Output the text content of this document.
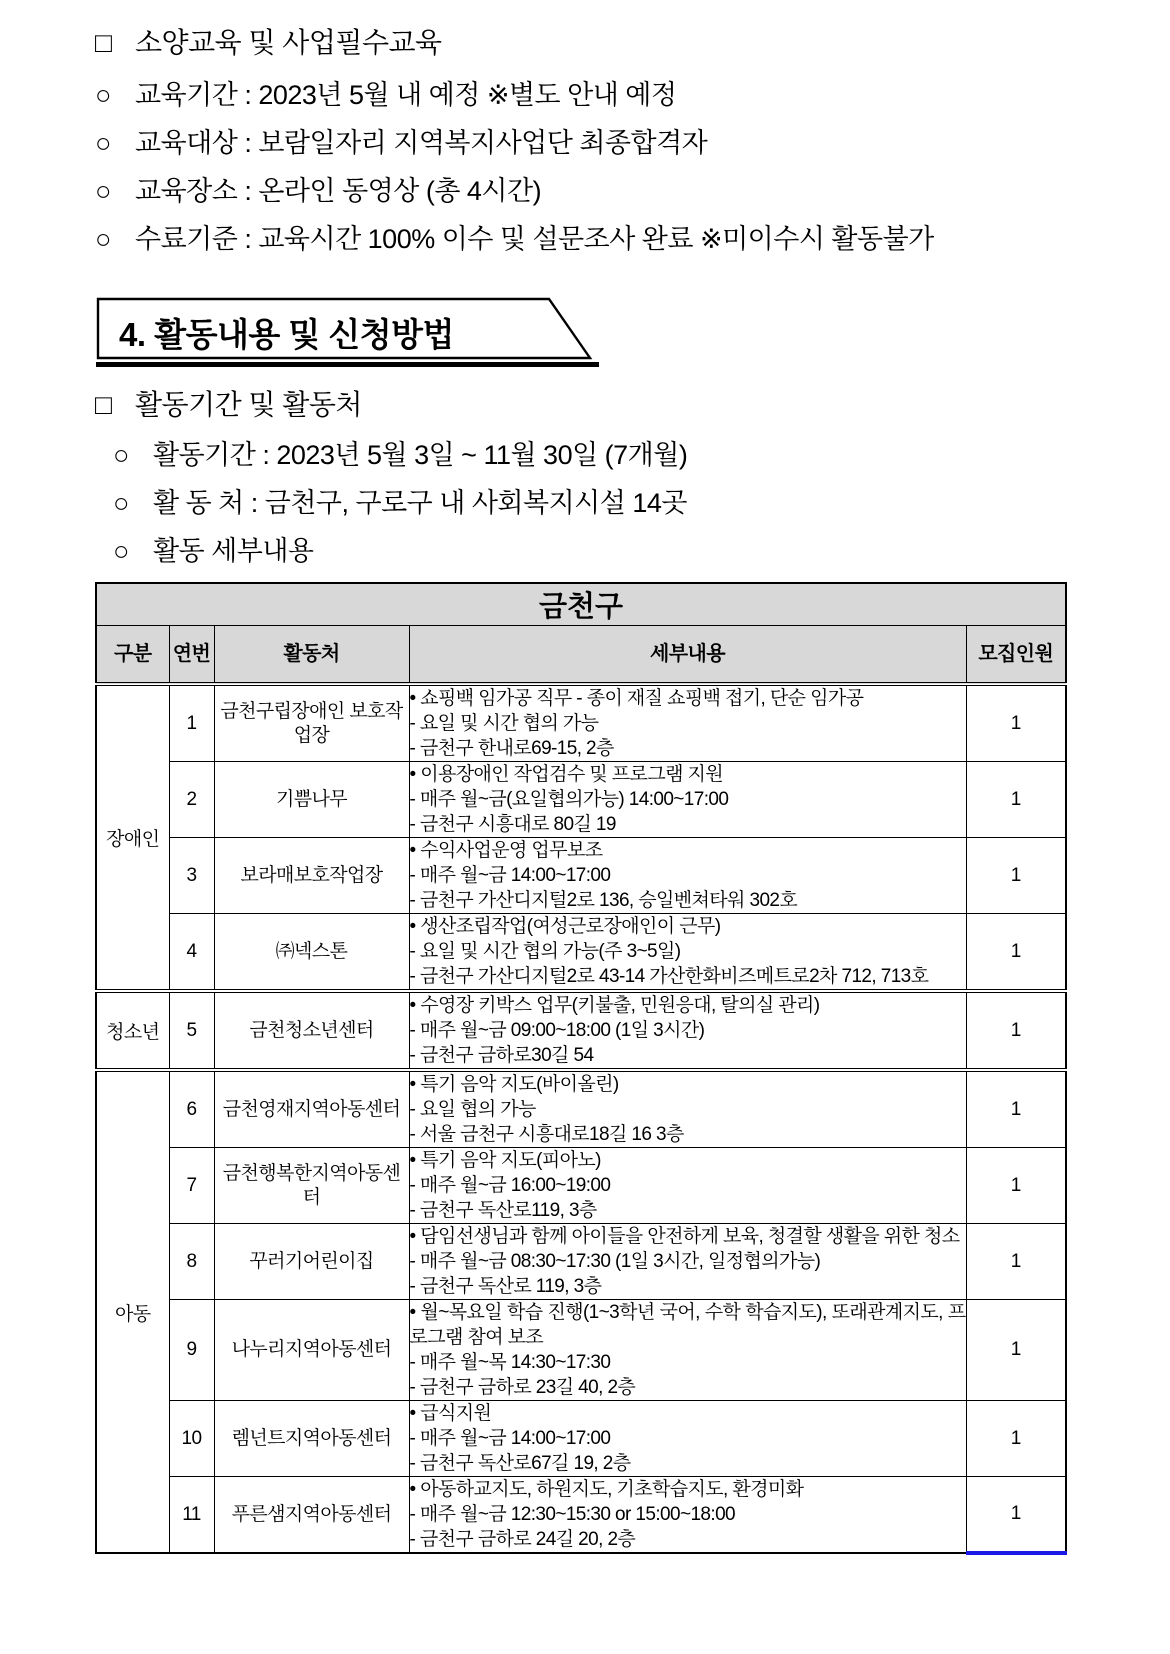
□ 소양교육 및 사업필수교육
○ 교육기간 : 2023년 5월 내 예정 ※별도 안내 예정
○ 교육대상 : 보람일자리 지역복지사업단 최종합격자
○ 교육장소 : 온라인 동영상 (총 4시간)
○ 수료기준 : 교육시간 100% 이수 및 설문조사 완료 ※미이수시 활동불가
4. 활동내용 및 신청방법
□ 활동기간 및 활동처
○ 활동기간 : 2023년 5월 3일 ~ 11월 30일 (7개월)
○ 활 동 처 : 금천구, 구로구 내 사회복지시설 14곳
○ 활동 세부내용
금천구				
구분	연번	활동처	세부내용	모집인원
장애인	1	금천구립장애인 보호작업장	• 쇼핑백 임가공 직무 - 종이 재질 쇼핑백 접기, 단순 임가공
- 요일 및 시간 협의 가능
- 금천구 한내로69-15, 2층	1
	2	기쁨나무	• 이용장애인 작업검수 및 프로그램 지원
- 매주 월~금(요일협의가능) 14:00~17:00
- 금천구 시흥대로 80길 19	1
	3	보라매보호작업장	• 수익사업운영 업무보조
- 매주 월~금 14:00~17:00
- 금천구 가산디지털2로 136, 승일벤쳐타워 302호	1
	4	㈜넥스톤	• 생산조립작업(여성근로장애인이 근무)
- 요일 및 시간 협의 가능(주 3~5일)
- 금천구 가산디지털2로 43-14 가산한화비즈메트로2차 712, 713호	1
청소년	5	금천청소년센터	• 수영장 키박스 업무(키불출, 민원응대, 탈의실 관리)
- 매주 월~금 09:00~18:00 (1일 3시간)
- 금천구 금하로30길 54	1
아동	6	금천영재지역아동센터	• 특기 음악 지도(바이올린)
- 요일 협의 가능
- 서울 금천구 시흥대로18길 16 3층	1
	7	금천행복한지역아동센터	• 특기 음악 지도(피아노)
- 매주 월~금 16:00~19:00
- 금천구 독산로119, 3층	1
	8	꾸러기어린이집	• 담임선생님과 함께 아이들을 안전하게 보육, 청결할 생활을 위한 청소
- 매주 월~금 08:30~17:30 (1일 3시간, 일정협의가능)
- 금천구 독산로 119, 3층	1
	9	나누리지역아동센터	• 월~목요일 학습 진행(1~3학년 국어, 수학 학습지도), 또래관계지도, 프로그램 참여 보조
- 매주 월~목 14:30~17:30
- 금천구 금하로 23길 40, 2층	1
	10	렘넌트지역아동센터	• 급식지원
- 매주 월~금 14:00~17:00
- 금천구 독산로67길 19, 2층	1
	11	푸른샘지역아동센터	• 아동하교지도, 하원지도, 기초학습지도, 환경미화
- 매주 월~금 12:30~15:30 or 15:00~18:00
- 금천구 금하로 24길 20, 2층	1
